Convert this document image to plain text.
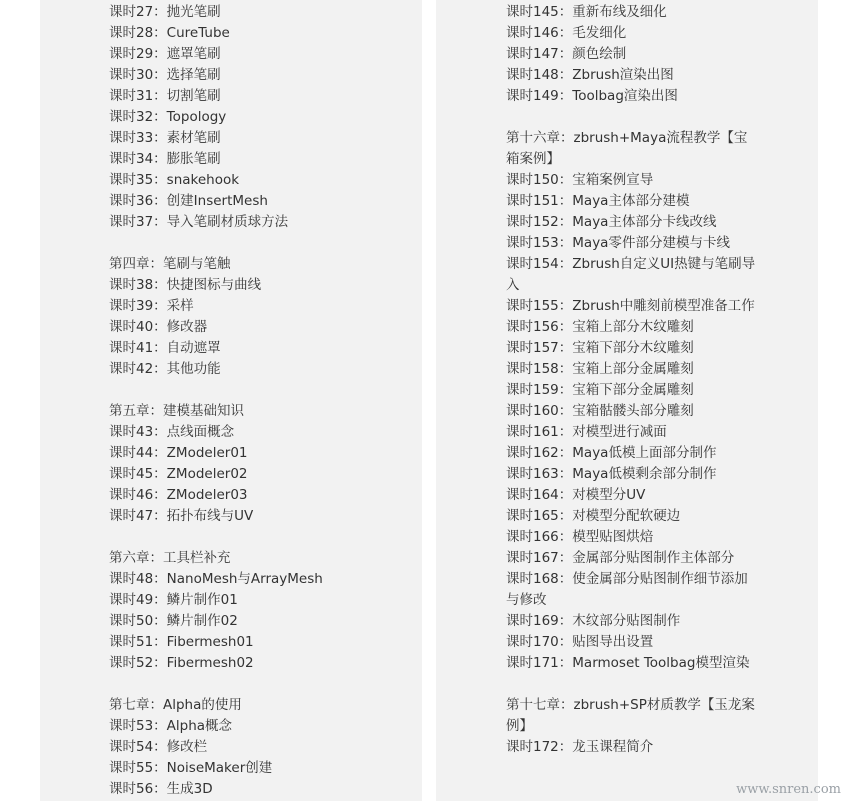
课时27：抛光笔刷
课时28：CureTube
课时29：遮罩笔刷
课时30：选择笔刷
课时31：切割笔刷
课时32：Topology
课时33：素材笔刷
课时34：膨胀笔刷
课时35：snakehook
课时36：创建InsertMesh
课时37：导入笔刷材质球方法
第四章：笔刷与笔触
课时38：快捷图标与曲线
课时39：采样
课时40：修改器
课时41：自动遮罩
课时42：其他功能
第五章：建模基础知识
课时43：点线面概念
课时44：ZModeler01
课时45：ZModeler02
课时46：ZModeler03
课时47：拓扑布线与UV
第六章：工具栏补充
课时48：NanoMesh与ArrayMesh
课时49：鳞片制作01
课时50：鳞片制作02
课时51：Fibermesh01
课时52：Fibermesh02
第七章：Alpha的使用
课时53：Alpha概念
课时54：修改栏
课时55：NoiseMaker创建
课时56：生成3D
课时145：重新布线及细化
课时146：毛发细化
课时147：颜色绘制
课时148：Zbrush渲染出图
课时149：Toolbag渲染出图
第十六章：zbrush+Maya流程教学【宝箱案例】
课时150：宝箱案例宣导
课时151：Maya主体部分建模
课时152：Maya主体部分卡线改线
课时153：Maya零件部分建模与卡线
课时154：Zbrush自定义UI热键与笔刷导入
课时155：Zbrush中雕刻前模型准备工作
课时156：宝箱上部分木纹雕刻
课时157：宝箱下部分木纹雕刻
课时158：宝箱上部分金属雕刻
课时159：宝箱下部分金属雕刻
课时160：宝箱骷髅头部分雕刻
课时161：对模型进行减面
课时162：Maya低模上面部分制作
课时163：Maya低模剩余部分制作
课时164：对模型分UV
课时165：对模型分配软硬边
课时166：模型贴图烘焙
课时167：金属部分贴图制作主体部分
课时168：使金属部分贴图制作细节添加与修改
课时169：木纹部分贴图制作
课时170：贴图导出设置
课时171：Marmoset Toolbag模型渲染
第十七章：zbrush+SP材质教学【玉龙案例】
课时172：龙玉课程简介
www.snren.com
